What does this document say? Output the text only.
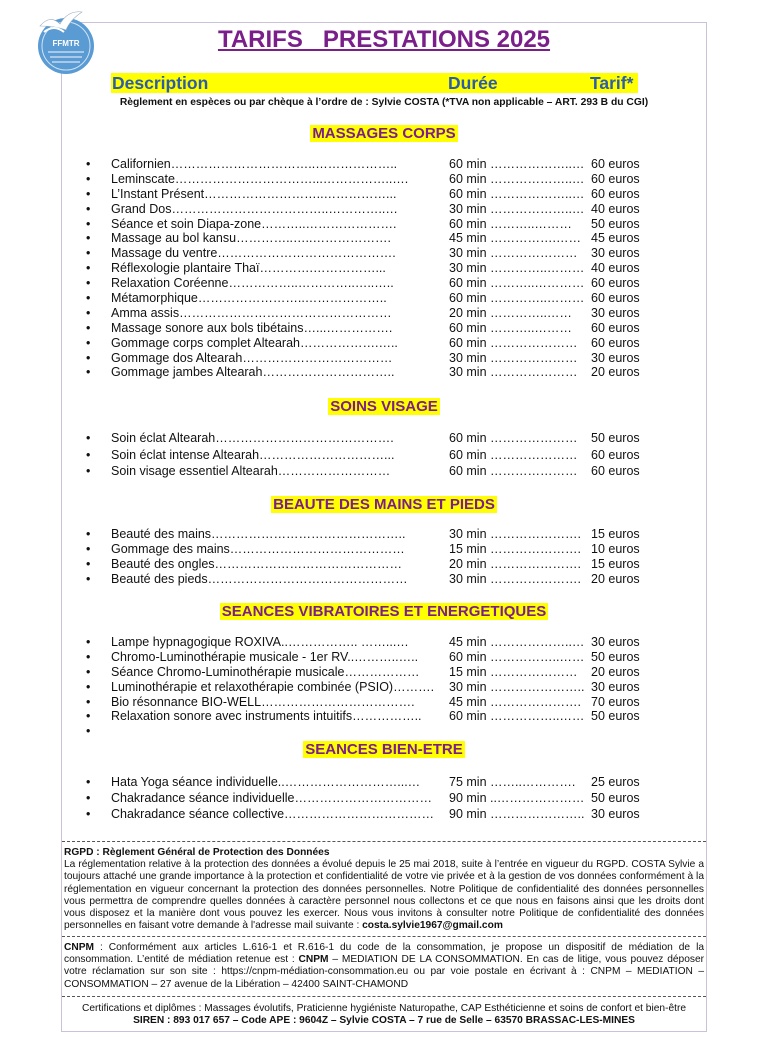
FFMTR	TARIFS   PRESTATIONS 2025
Description	Durée	Tarif*
Règlement en espèces ou par chèque à l’ordre de : Sylvie COSTA (*TVA non applicable – ART. 293 B du CGI)
MASSAGES CORPS
• Californien……………………………..………………..	60 min ………………..… 60 euros
• Leminscate……………………………...……………..….	60 min ………………..… 60 euros
• L’Instant Présent………………………..……………...	60 min ………………..… 60 euros
• Grand Dos………………………………..…………..…	30 min ………………..… 40 euros
• Séance et soin Diapa-zone………..………………….	60 min ………..……… 50 euros
• Massage au bol kansu…………..…..……………….	45 min …………….…… 45 euros
• Massage du ventre…………………………………….	30 min ………………… 30 euros
• Réflexologie plantaire Thaï………….……………...	30 min …………..……… 40 euros
• Relaxation Coréenne……………..…………..…..…..	60 min ………..………… 60 euros
• Métamorphique……………………..………………..	60 min …………..……… 60 euros
• Amma assis……………………………………………	20 min …………..…… 30 euros
• Massage sonore aux bols tibétains…...…………….	60 min ………..……… 60 euros
• Gommage corps complet Altearah……………….…..	60 min ………………… 60 euros
• Gommage dos Altearah………………………………	30 min ………………… 30 euros
• Gommage jambes Altearah…………………………..	30 min ………………… 20 euros
SOINS VISAGE
• Soin éclat Altearah…………………………………….	60 min ………………… 50 euros
• Soin éclat intense Altearah…………………………...	60 min ………………… 60 euros
• Soin visage essentiel Altearah………………………	60 min ………………… 60 euros
BEAUTE DES MAINS ET PIEDS
• Beauté des mains………………………………………..	30 min …………………. 15 euros
• Gommage des mains……………………………………	15 min …………………. 10 euros
• Beauté des ongles………………………………………	20 min …………………. 15 euros
• Beauté des pieds…………………………………………	30 min …………………. 20 euros
SEANCES VIBRATOIRES ET ENERGETIQUES
• Lampe hypnagogique ROXIVA..…………….. ……...…	45 min ………………..… 30 euros
• Chromo-Luminothérapie musicale - 1er RV..………..….. 60 min ……………..…… 50 euros
• Séance Chromo-Luminothérapie musicale……………… 15 min ………………… 20 euros
• Luminothérapie et relaxothérapie combinée (PSIO)………. 30 min ………………….. 30 euros
• Bio résonnance BIO-WELL……………………………….	45 min …………………. 70 euros
• Relaxation sonore avec instruments intuitifs…………….. 60 min ……………..…… 50 euros
•
SEANCES BIEN-ETRE
• Hata Yoga séance individuelle..………………………...… 75 min ……..…………. 25 euros
• Chakradance séance individuelle…………………………… 90 min ..………………… 50 euros
• Chakradance séance collective……………………………… 90 min ………………….. 30 euros
RGPD : Règlement Général de Protection des Données
La réglementation relative à la protection des données a évolué depuis le 25 mai 2018, suite à l’entrée en vigueur du RGPD. COSTA Sylvie a toujours attaché une grande importance à la protection et confidentialité de votre vie privée et à la gestion de vos données conformément à la réglementation en vigueur concernant la protection des données personnelles. Notre Politique de confidentialité des données personnelles vous permettra de comprendre quelles données à caractère personnel nous collectons et ce que nous en faisons ainsi que les droits dont vous disposez et la manière dont vous pouvez les exercer. Nous vous invitons à consulter notre Politique de confidentialité des données personnelles en faisant votre demande à l'adresse mail suivante : costa.sylvie1967@gmail.com
CNPM : Conformément aux articles L.616-1 et R.616-1 du code de la consommation, je propose un dispositif de médiation de la consommation. L’entité de médiation retenue est : CNPM – MEDIATION DE LA CONSOMMATION. En cas de litige, vous pouvez déposer votre réclamation sur son site : https://cnpm-médiation-consommation.eu ou par voie postale en écrivant à : CNPM – MEDIATION – CONSOMMATION – 27 avenue de la Libération – 42400 SAINT-CHAMOND
Certifications et diplômes : Massages évolutifs, Praticienne hygiéniste Naturopathe, CAP Esthéticienne et soins de confort et bien-être
SIREN : 893 017 657 – Code APE : 9604Z – Sylvie COSTA – 7 rue de Selle – 63570 BRASSAC-LES-MINES
